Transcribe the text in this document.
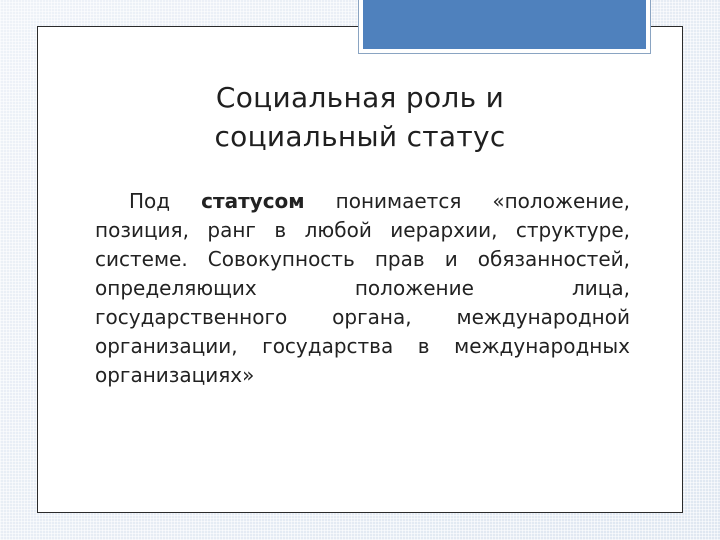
Социальная роль и
социальный статус

Под статусом понимается «положение, позиция, ранг в любой иерархии, структуре, системе. Совокупность прав и обязанностей, определяющих положение лица, государственного органа, международной организации, государства в международных организациях»
